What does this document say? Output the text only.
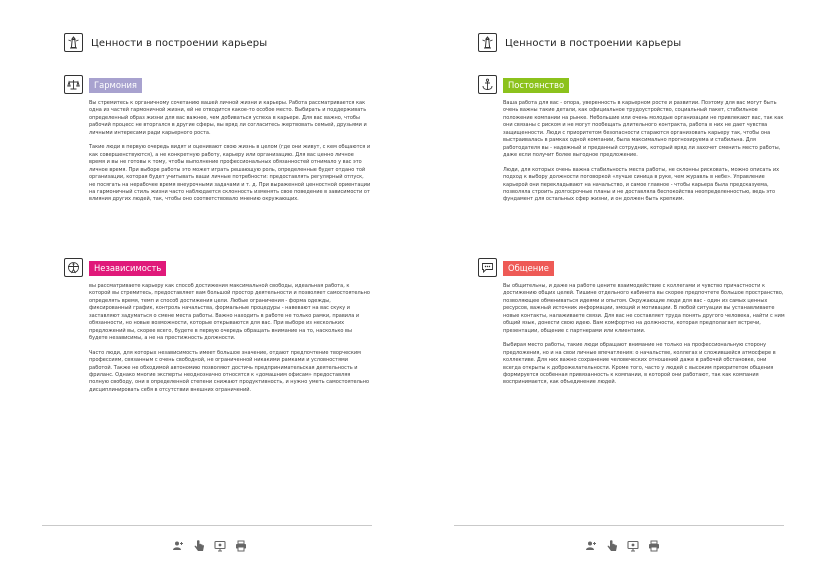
Ценности в построении карьеры
Гармония

Вы стремитесь к органичному сочетанию вашей личной жизни и карьеры. Работа рассматривается как одна из частей гармоничной жизни, ей не отводится какое-то особое место. Выбирать и поддерживать определенный образ жизни для вас важнее, чем добиваться успеха в карьере. Для вас важно, чтобы рабочий процесс не вторгался в другие сферы, вы вряд ли согласитесь жертвовать семьей, друзьями и личными интересами ради карьерного роста.

Такие люди в первую очередь видят и оценивают свою жизнь в целом (где они живут, с кем общаются и как совершенствуются), а не конкретную работу, карьеру или организацию. Для вас ценно личное время и вы не готовы к тому, чтобы выполнение профессиональных обязанностей отнимало у вас это личное время. При выборе работы это может играть решающую роль, определенные будет отдано той организации, которая будет учитывать ваши личные потребности: предоставлять регулярный отпуск, не посягать на нерабочее время внеурочными задачами и т. д. При выраженной ценностной ориентации на гармоничный стиль жизни часто наблюдается склонность изменять свое поведение в зависимости от влияния других людей, так, чтобы оно соответствовало мнению окружающих.

Независимость

вы рассматриваете карьеру как способ достижения максимальной свободы, идеальная работа, к которой вы стремитесь, предоставляет вам большой простор деятельности и позволяет самостоятельно определять время, темп и способ достижения цели. Любые ограничения - форма одежды, фиксированный график, контроль начальства, формальные процедуры - навевают на вас скуку и заставляют задуматься о смене места работы. Важно находить в работе не только рамки, правила и обязанности, но новые возможности, которые открываются для вас. При выборе из нескольких предложений вы, скорее всего, будете в первую очередь обращать внимание на то, насколько вы будете независимы, а не на престижность должности.

Часто люди, для которых независимость имеет большое значение, отдают предпочтение творческим профессиям, связанным с очень свободной, не ограниченной никакими рамками и условностями работой. Также не обходимой автономию позволяют достичь предпринимательская деятельность и фриланс. Однако многие эксперты неоднозначно относятся к «домашним офисам» предоставляя полную свободу, они в определенной степени снижают продуктивность, и нужно уметь самостоятельно дисциплинировать себя в отсутствии внешних ограничений.

Ценности в построении карьеры
Постоянство

Ваша работа для вас - опора, уверенность в карьерном росте и развитии. Поэтому для вас могут быть очень важны такие детали, как официальное трудоустройство, социальный пакет, стабильное положение компании на рынке. Небольшие или очень молодые организации не привлекают вас, так как они связаны с риском и не могут пообещать длительного контракта, работа в них не дает чувства защищенности. Люди с приоритетом безопасности стараются организовать карьеру так, чтобы она выстраивалась в рамках одной компании, была максимально прогнозируема и стабильна. Для работодателя вы - надежный и преданный сотрудник, который вряд ли захочет сменить место работы, даже если получит более выгодное предложение.

Люди, для которых очень важна стабильность места работы, не склонны рисковать, можно описать их подход к выбору должности поговоркой «лучше синица в руке, чем журавль в небе». Управление карьерой они перекладывают на начальство, и самое главное - чтобы карьера была предсказуема, позволяла строить долгосрочные планы и не доставляла беспокойства неопределенностью, ведь это фундамент для остальных сфер жизни, и он должен быть крепким.

Общение

Вы общительны, и даже на работе цените взаимодействие с коллегами и чувство причастности к достижению общих целей. Тишине отдельного кабинета вы скорее предпочтете большое пространство, позволяющее обмениваться идеями и опытом. Окружающие люди для вас - один из самых ценных ресурсов, важный источник информации, эмоций и мотивации. В любой ситуации вы устанавливаете новые контакты, налаживаете связи. Для вас не составляет труда понять другого человека, найти с ним общий язык, донести свою идею. Вам комфортно на должности, которая предполагает встречи, презентации, общение с партнерами или клиентами.

Выбирая место работы, такие люди обращают внимание не только на профессиональную сторону предложения, но и на свои личные впечатления: о начальстве, коллегах и сложившейся атмосфере в коллективе. Для них важно сохранение человеческих отношений даже в рабочей обстановке, они всегда открыты к доброжелательности. Кроме того, часто у людей с высоким приоритетом общения формируется особенная привязанность к компании, в которой они работают, так как компания воспринимается, как объединение людей.
